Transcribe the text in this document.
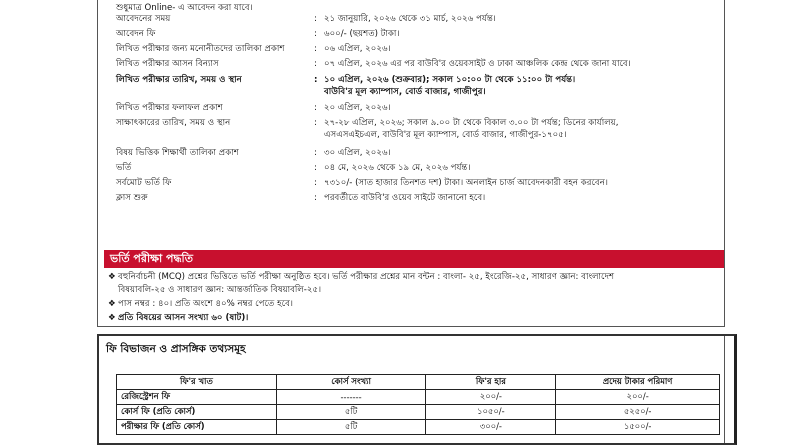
শুধুমাত্র Online- এ আবেদন করা যাবে।
আবেদনের সময়	: ২১ জানুয়ারি, ২০২৬ থেকে ৩১ মার্চ, ২০২৬ পর্যন্ত।
আবেদন ফি	: ৬০০/- (ছয়শত) টাকা।
লিখিত পরীক্ষার জন্য মনোনীতদের তালিকা প্রকাশ	: ০৬ এপ্রিল, ২০২৬।
লিখিত পরীক্ষার আসন বিন্যাস	: ০৭ এপ্রিল, ২০২৬ এর পর বাউবি'র ওয়েবসাইট ও ঢাকা আঞ্চলিক কেন্দ্র থেকে জানা যাবে।
লিখিত পরীক্ষার তারিখ, সময় ও স্থান	: ১০ এপ্রিল, ২০২৬ (শুক্রবার); সকাল ১০:০০ টা থেকে ১১:০০ টা পর্যন্ত।
বাউবি'র মূল ক্যাম্পাস, বোর্ড বাজার, গাজীপুর।
লিখিত পরীক্ষার ফলাফল প্রকাশ	: ২০ এপ্রিল, ২০২৬।
সাক্ষাৎকারের তারিখ, সময় ও স্থান	: ২৭-২৮ এপ্রিল, ২০২৬; সকাল ৯.০০ টা থেকে বিকাল ৩.০০ টা পর্যন্ত; ডিনের কার্যালয়,
এসএসএইচএল, বাউবি'র মূল ক্যাম্পাস, বোর্ড বাজার, গাজীপুর-১৭০৫।
বিষয় ভিত্তিক শিক্ষার্থী তালিকা প্রকাশ	: ৩০ এপ্রিল, ২০২৬।
ভর্তি	: ০৪ মে, ২০২৬ থেকে ১৯ মে, ২০২৬ পর্যন্ত।
সর্বমোট ভর্তি ফি	: ৭৩১০/- (সাত হাজার তিনশত দশ) টাকা। অনলাইন চার্জ আবেদনকারী বহন করবেন।
ক্লাস শুরু	: পরবর্তীতে বাউবি'র ওয়েব সাইটে জানানো হবে।
ভর্তি পরীক্ষা পদ্ধতি
❖ বহুনির্বাচনী (MCQ) প্রশ্নের ভিত্তিতে ভর্তি পরীক্ষা অনুষ্ঠিত হবে। ভর্তি পরীক্ষার প্রশ্নের মান বন্টন : বাংলা- ২৫, ইংরেজি-২৫, সাধারণ জ্ঞান: বাংলাদেশ
বিষয়াবলি-২৫ ও সাধারণ জ্ঞান: আন্তর্জাতিক বিষয়াবলি-২৫।
❖ পাস নম্বর : ৪০। প্রতি অংশে ৪০% নম্বর পেতে হবে।
❖ প্রতি বিষয়ের আসন সংখ্যা ৬০ (ষাট)।
ফি বিভাজন ও প্রাসঙ্গিক তথ্যসমূহ
ফি'র খাত	কোর্স সংখ্যা	ফি'র হার	প্রদেয় টাকার পরিমাণ
রেজিস্ট্রেশন ফি	-------	২০০/-	২০০/-
কোর্স ফি (প্রতি কোর্স)	৫টি	১০৫০/-	৫২৫০/-
পরীক্ষার ফি (প্রতি কোর্স)	৫টি	৩০০/-	১৫০০/-
